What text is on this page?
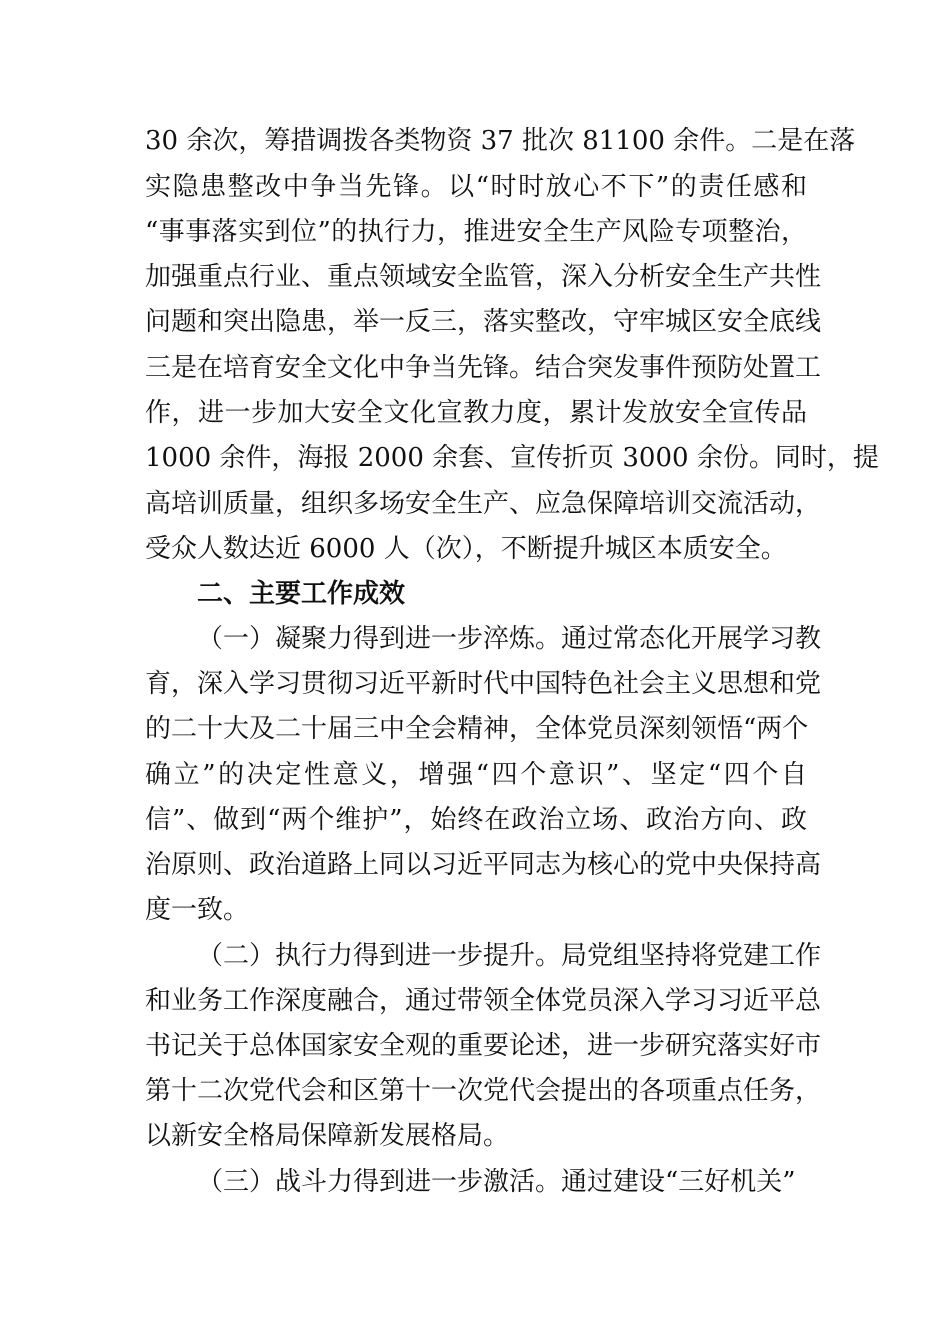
30 余次，筹措调拨各类物资 37 批次 81100 余件。二是在落
实隐患整改中争当先锋。以“时时放心不下”的责任感和
“事事落实到位”的执行力，推进安全生产风险专项整治，
加强重点行业、重点领域安全监管，深入分析安全生产共性
问题和突出隐患，举一反三，落实整改，守牢城区安全底线
三是在培育安全文化中争当先锋。结合突发事件预防处置工
作，进一步加大安全文化宣教力度，累计发放安全宣传品
1000 余件，海报 2000 余套、宣传折页 3000 余份。同时，提
高培训质量，组织多场安全生产、应急保障培训交流活动，
受众人数达近 6000 人（次），不断提升城区本质安全。
二、主要工作成效
（一）凝聚力得到进一步淬炼。通过常态化开展学习教
育，深入学习贯彻习近平新时代中国特色社会主义思想和党
的二十大及二十届三中全会精神，全体党员深刻领悟“两个
确立”的决定性意义，增强“四个意识”、坚定“四个自
信”、做到“两个维护”，始终在政治立场、政治方向、政
治原则、政治道路上同以习近平同志为核心的党中央保持高
度一致。
（二）执行力得到进一步提升。局党组坚持将党建工作
和业务工作深度融合，通过带领全体党员深入学习习近平总
书记关于总体国家安全观的重要论述，进一步研究落实好市
第十二次党代会和区第十一次党代会提出的各项重点任务，
以新安全格局保障新发展格局。
（三）战斗力得到进一步激活。通过建设“三好机关”
